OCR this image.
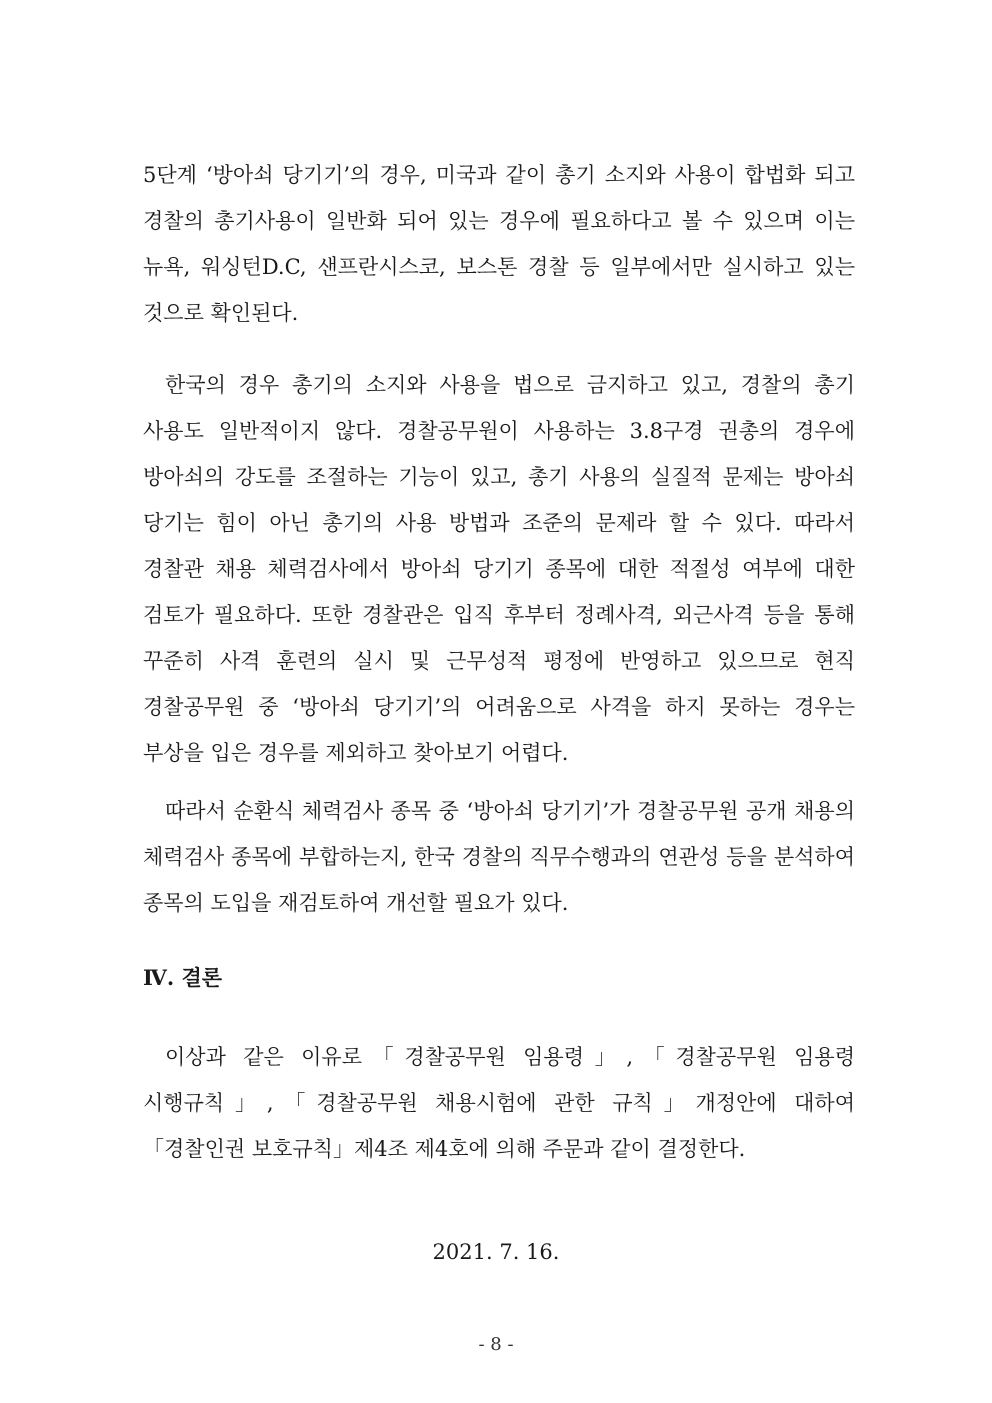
5단계 ‘방아쇠 당기기’의 경우, 미국과 같이 총기 소지와 사용이 합법화 되고 경찰의 총기사용이 일반화 되어 있는 경우에 필요하다고 볼 수 있으며 이는 뉴욕, 워싱턴D.C, 샌프란시스코, 보스톤 경찰 등 일부에서만 실시하고 있는 것으로 확인된다.

한국의 경우 총기의 소지와 사용을 법으로 금지하고 있고, 경찰의 총기 사용도 일반적이지 않다. 경찰공무원이 사용하는 3.8구경 권총의 경우에 방아쇠의 강도를 조절하는 기능이 있고, 총기 사용의 실질적 문제는 방아쇠 당기는 힘이 아닌 총기의 사용 방법과 조준의 문제라 할 수 있다. 따라서 경찰관 채용 체력검사에서 방아쇠 당기기 종목에 대한 적절성 여부에 대한 검토가 필요하다. 또한 경찰관은 입직 후부터 정례사격, 외근사격 등을 통해 꾸준히 사격 훈련의 실시 및 근무성적 평정에 반영하고 있으므로 현직 경찰공무원 중 ‘방아쇠 당기기’의 어려움으로 사격을 하지 못하는 경우는 부상을 입은 경우를 제외하고 찾아보기 어렵다.

따라서 순환식 체력검사 종목 중 ‘방아쇠 당기기’가 경찰공무원 공개 채용의 체력검사 종목에 부합하는지, 한국 경찰의 직무수행과의 연관성 등을 분석하여 종목의 도입을 재검토하여 개선할 필요가 있다.

Ⅳ. 결론

이상과 같은 이유로「경찰공무원 임용령」,「경찰공무원 임용령 시행규칙」,「경찰공무원 채용시험에 관한 규칙」개정안에 대하여 「경찰인권 보호규칙」제4조 제4호에 의해 주문과 같이 결정한다.

2021. 7. 16.
- 8 -
